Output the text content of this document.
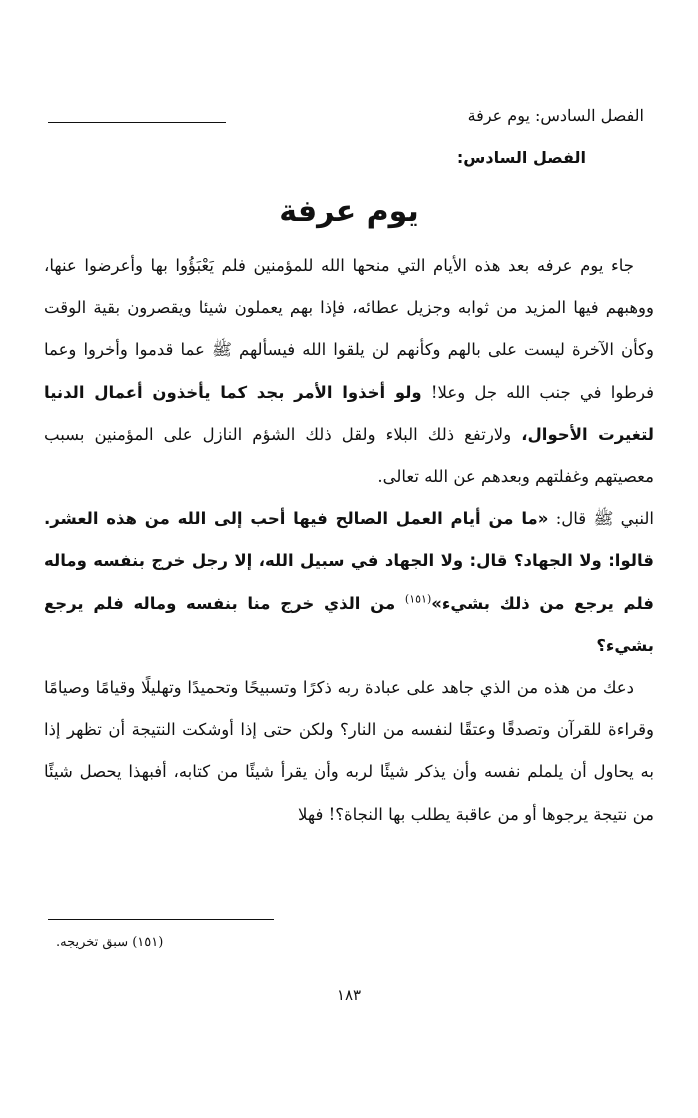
الفصل السادس: يوم عرفة
الفصل السادس:
يوم عرفة

جاء يوم عرفه بعد هذه الأيام التي منحها الله للمؤمنين فلم يَعْبَؤُوا بها وأعرضوا عنها، ووهبهم فيها المزيد من ثوابه وجزيل عطائه، فإذا بهم يعملون شيئا ويقصرون بقية الوقت وكأن الآخرة ليست على بالهم وكأنهم لن يلقوا الله فيسألهم ﷺ عما قدموا وأخروا وعما فرطوا في جنب الله جل وعلا! ولو أخذوا الأمر بجد كما يأخذون أعمال الدنيا لتغيرت الأحوال، ولارتفع ذلك البلاء ولقل ذلك الشؤم النازل على المؤمنين بسبب معصيتهم وغفلتهم وبعدهم عن الله تعالى.

النبي ﷺ قال: «ما من أيام العمل الصالح فيها أحب إلى الله من هذه العشر. قالوا: ولا الجهاد؟ قال: ولا الجهاد في سبيل الله، إلا رجل خرج بنفسه وماله فلم يرجع من ذلك بشيء»$^{(١٥١)}$ من الذي خرج منا بنفسه وماله فلم يرجع بشيء؟

دعك من هذه من الذي جاهد على عبادة ربه ذكرًا وتسبيحًا وتحميدًا وتهليلًا وقيامًا وصيامًا وقراءة للقرآن وتصدقًا وعتقًا لنفسه من النار؟ ولكن حتى إذا أوشكت النتيجة أن تظهر إذا به يحاول أن يلملم نفسه وأن يذكر شيئًا لربه وأن يقرأ شيئًا من كتابه، أفبهذا يحصل شيئًا من نتيجة يرجوها أو من عاقبة يطلب بها النجاة؟! فهلا

(١٥١) سبق تخريجه.
١٨٣
